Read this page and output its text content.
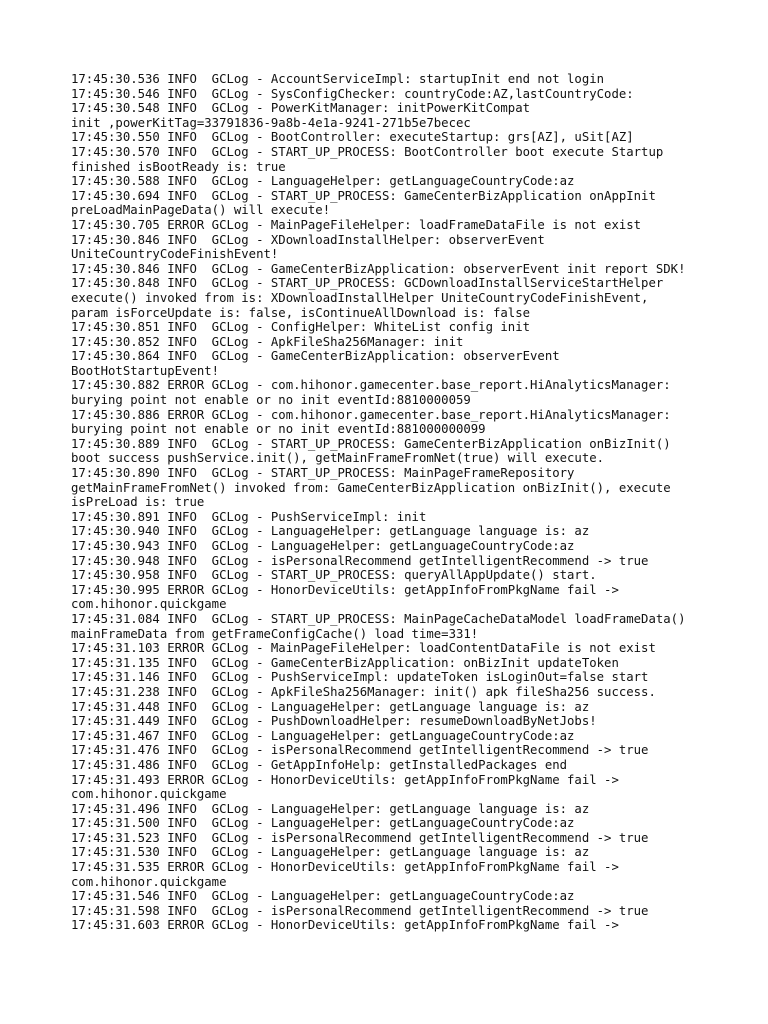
17:45:30.536 INFO  GCLog - AccountServiceImpl: startupInit end not login
17:45:30.546 INFO  GCLog - SysConfigChecker: countryCode:AZ,lastCountryCode:
17:45:30.548 INFO  GCLog - PowerKitManager: initPowerKitCompat
init ,powerKitTag=33791836-9a8b-4e1a-9241-271b5e7becec
17:45:30.550 INFO  GCLog - BootController: executeStartup: grs[AZ], uSit[AZ]
17:45:30.570 INFO  GCLog - START_UP_PROCESS: BootController boot execute Startup
finished isBootReady is: true
17:45:30.588 INFO  GCLog - LanguageHelper: getLanguageCountryCode:az
17:45:30.694 INFO  GCLog - START_UP_PROCESS: GameCenterBizApplication onAppInit
preLoadMainPageData() will execute!
17:45:30.705 ERROR GCLog - MainPageFileHelper: loadFrameDataFile is not exist
17:45:30.846 INFO  GCLog - XDownloadInstallHelper: observerEvent
UniteCountryCodeFinishEvent!
17:45:30.846 INFO  GCLog - GameCenterBizApplication: observerEvent init report SDK!
17:45:30.848 INFO  GCLog - START_UP_PROCESS: GCDownloadInstallServiceStartHelper
execute() invoked from is: XDownloadInstallHelper UniteCountryCodeFinishEvent,
param isForceUpdate is: false, isContinueAllDownload is: false
17:45:30.851 INFO  GCLog - ConfigHelper: WhiteList config init
17:45:30.852 INFO  GCLog - ApkFileSha256Manager: init
17:45:30.864 INFO  GCLog - GameCenterBizApplication: observerEvent
BootHotStartupEvent!
17:45:30.882 ERROR GCLog - com.hihonor.gamecenter.base_report.HiAnalyticsManager:
burying point not enable or no init eventId:8810000059
17:45:30.886 ERROR GCLog - com.hihonor.gamecenter.base_report.HiAnalyticsManager:
burying point not enable or no init eventId:881000000099
17:45:30.889 INFO  GCLog - START_UP_PROCESS: GameCenterBizApplication onBizInit()
boot success pushService.init(), getMainFrameFromNet(true) will execute.
17:45:30.890 INFO  GCLog - START_UP_PROCESS: MainPageFrameRepository
getMainFrameFromNet() invoked from: GameCenterBizApplication onBizInit(), execute
isPreLoad is: true
17:45:30.891 INFO  GCLog - PushServiceImpl: init
17:45:30.940 INFO  GCLog - LanguageHelper: getLanguage language is: az
17:45:30.943 INFO  GCLog - LanguageHelper: getLanguageCountryCode:az
17:45:30.948 INFO  GCLog - isPersonalRecommend getIntelligentRecommend -> true
17:45:30.958 INFO  GCLog - START_UP_PROCESS: queryAllAppUpdate() start.
17:45:30.995 ERROR GCLog - HonorDeviceUtils: getAppInfoFromPkgName fail ->
com.hihonor.quickgame
17:45:31.084 INFO  GCLog - START_UP_PROCESS: MainPageCacheDataModel loadFrameData()
mainFrameData from getFrameConfigCache() load time=331!
17:45:31.103 ERROR GCLog - MainPageFileHelper: loadContentDataFile is not exist
17:45:31.135 INFO  GCLog - GameCenterBizApplication: onBizInit updateToken
17:45:31.146 INFO  GCLog - PushServiceImpl: updateToken isLoginOut=false start
17:45:31.238 INFO  GCLog - ApkFileSha256Manager: init() apk fileSha256 success.
17:45:31.448 INFO  GCLog - LanguageHelper: getLanguage language is: az
17:45:31.449 INFO  GCLog - PushDownloadHelper: resumeDownloadByNetJobs!
17:45:31.467 INFO  GCLog - LanguageHelper: getLanguageCountryCode:az
17:45:31.476 INFO  GCLog - isPersonalRecommend getIntelligentRecommend -> true
17:45:31.486 INFO  GCLog - GetAppInfoHelp: getInstalledPackages end
17:45:31.493 ERROR GCLog - HonorDeviceUtils: getAppInfoFromPkgName fail ->
com.hihonor.quickgame
17:45:31.496 INFO  GCLog - LanguageHelper: getLanguage language is: az
17:45:31.500 INFO  GCLog - LanguageHelper: getLanguageCountryCode:az
17:45:31.523 INFO  GCLog - isPersonalRecommend getIntelligentRecommend -> true
17:45:31.530 INFO  GCLog - LanguageHelper: getLanguage language is: az
17:45:31.535 ERROR GCLog - HonorDeviceUtils: getAppInfoFromPkgName fail ->
com.hihonor.quickgame
17:45:31.546 INFO  GCLog - LanguageHelper: getLanguageCountryCode:az
17:45:31.598 INFO  GCLog - isPersonalRecommend getIntelligentRecommend -> true
17:45:31.603 ERROR GCLog - HonorDeviceUtils: getAppInfoFromPkgName fail ->
